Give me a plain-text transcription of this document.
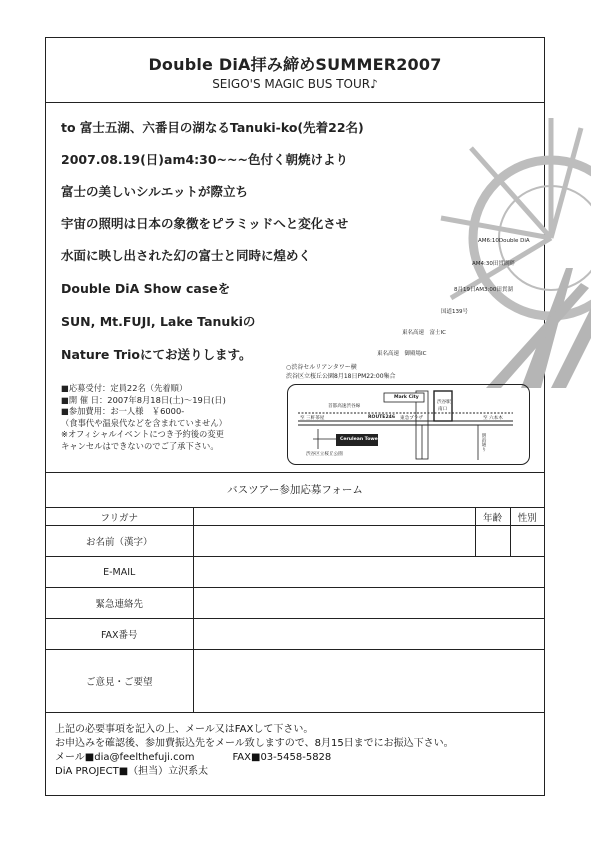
Double DiA拝み締めSUMMER2007
SEIGO'S MAGIC BUS TOUR♪
to 富士五湖、六番目の湖なるTanuki-ko(先着22名)
2007.08.19(日)am4:30~~~色付く朝焼けより
富士の美しいシルエットが際立ち
宇宙の照明は日本の象徴をピラミッドへと変化させ
水面に映し出された幻の富士と同時に煌めく
Double DiA Show caseを
SUN, Mt.FUJI, Lake Tanukiの
Nature Trioにてお送りします。
AM6:10Double DiA
AM4:30田貫湖畔
8月19日AM3:00田貫湖
国道139号
東名高速　富士IC
東名高速　御殿場IC
○渋谷セルリアンタワー横
渋谷区立桜丘公園8月18日PM22:00集合
■応募受付：定員22名（先着順）
■開 催 日：2007年8月18日(土)〜19日(日)
■参加費用：お一人様　￥6000-
（食事代や温泉代などを含まれていません）
※オフィシャルイベントにつき予約後の変更
キャンセルはできないのでご了承下さい。
首都高速渋谷線
Mark City
渋谷駅
南口
至 三軒茶屋	ROUTE246 東急プラザ	至 六本木
Cerulean Tower
渋谷区立桜丘公園
明治通り
バスツアー参加応募フォーム
フリガナ		年齢	性別
お名前（漢字）			
E-MAIL			
緊急連絡先			
FAX番号			
ご意見・ご要望			
上記の必要事項を記入の上、メール又はFAXして下さい。
お申込みを確認後、参加費振込先をメール致しますので、8月15日までにお振込下さい。
メール■dia@feelthefuji.com	FAX■03-5458-5828
DiA PROJECT■（担当）立沢系太
